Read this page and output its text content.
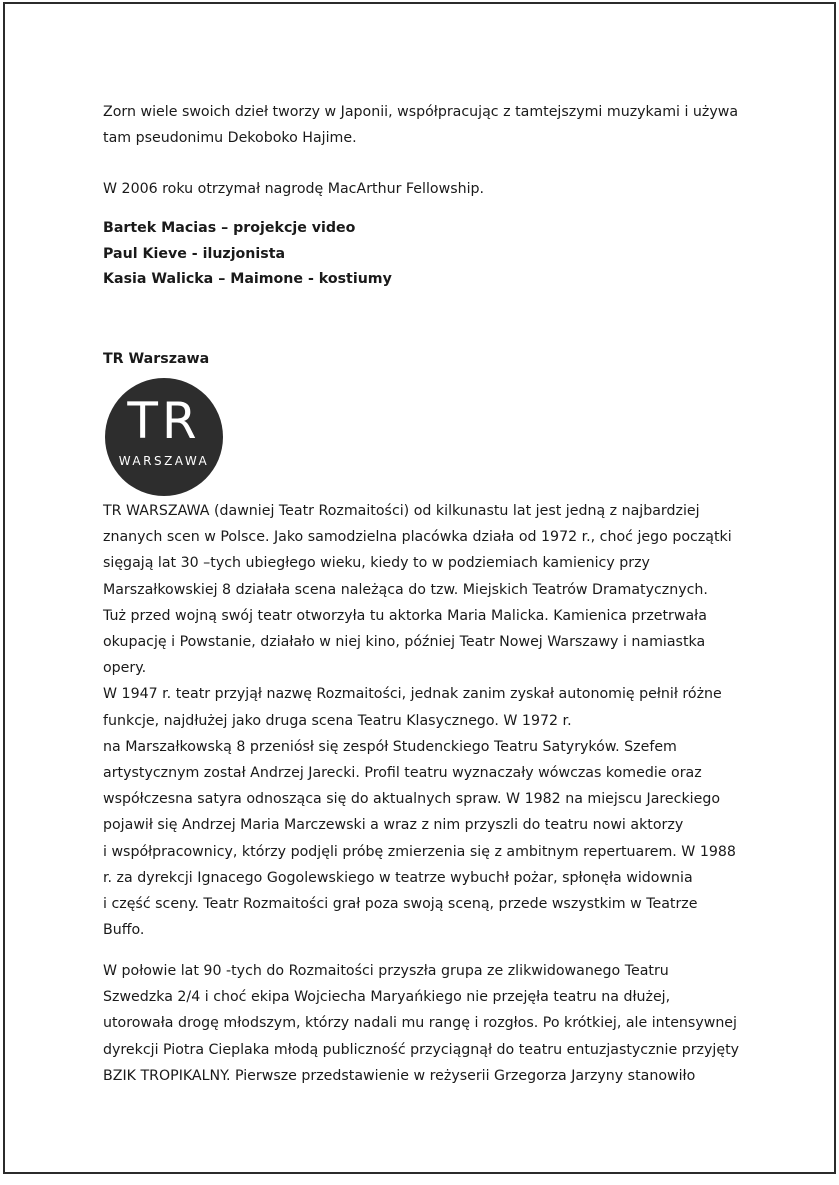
Zorn wiele swoich dzieł tworzy w Japonii, współpracując z tamtejszymi muzykami i używa
tam pseudonimu Dekoboko Hajime.
W 2006 roku otrzymał nagrodę MacArthur Fellowship.
Bartek Macias – projekcje video
Paul Kieve - iluzjonista
Kasia Walicka – Maimone - kostiumy
TR Warszawa
TR
WARSZAWA
TR WARSZAWA (dawniej Teatr Rozmaitości) od kilkunastu lat jest jedną z najbardziej
znanych scen w Polsce. Jako samodzielna placówka działa od 1972 r., choć jego początki
sięgają lat 30 –tych ubiegłego wieku, kiedy to w podziemiach kamienicy przy
Marszałkowskiej 8 działała scena należąca do tzw. Miejskich Teatrów Dramatycznych.
Tuż przed wojną swój teatr otworzyła tu aktorka Maria Malicka. Kamienica przetrwała
okupację i Powstanie, działało w niej kino, później Teatr Nowej Warszawy i namiastka
opery.
W 1947 r. teatr przyjął nazwę Rozmaitości, jednak zanim zyskał autonomię pełnił różne
funkcje, najdłużej jako druga scena Teatru Klasycznego. W 1972 r.
na Marszałkowską 8 przeniósł się zespół Studenckiego Teatru Satyryków. Szefem
artystycznym został Andrzej Jarecki. Profil teatru wyznaczały wówczas komedie oraz
współczesna satyra odnosząca się do aktualnych spraw. W 1982 na miejscu Jareckiego
pojawił się Andrzej Maria Marczewski a wraz z nim przyszli do teatru nowi aktorzy
i współpracownicy, którzy podjęli próbę zmierzenia się z ambitnym repertuarem. W 1988
r. za dyrekcji Ignacego Gogolewskiego w teatrze wybuchł pożar, spłonęła widownia
i część sceny. Teatr Rozmaitości grał poza swoją sceną, przede wszystkim w Teatrze
Buffo.
W połowie lat 90 -tych do Rozmaitości przyszła grupa ze zlikwidowanego Teatru
Szwedzka 2/4 i choć ekipa Wojciecha Maryańkiego nie przejęła teatru na dłużej,
utorowała drogę młodszym, którzy nadali mu rangę i rozgłos. Po krótkiej, ale intensywnej
dyrekcji Piotra Cieplaka młodą publiczność przyciągnął do teatru entuzjastycznie przyjęty
BZIK TROPIKALNY. Pierwsze przedstawienie w reżyserii Grzegorza Jarzyny stanowiło
